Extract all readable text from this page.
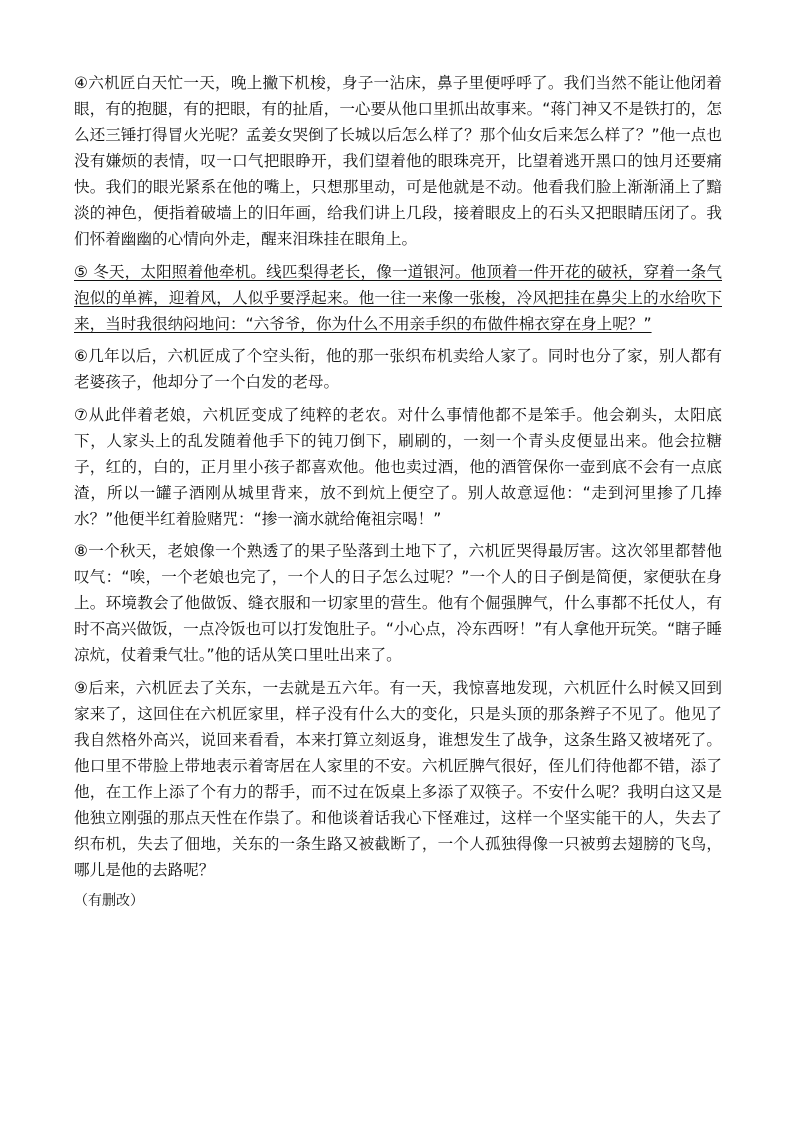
④六机匠白天忙一天，晚上撇下机梭，身子一沾床，鼻子里便呼呼了。我们当然不能让他闭着眼，有的抱腿，有的把眼，有的扯盾，一心要从他口里抓出故事来。“蒋门神又不是铁打的，怎么还三锤打得冒火光呢？孟姜女哭倒了长城以后怎么样了？那个仙女后来怎么样了？”他一点也没有嫌烦的表情，叹一口气把眼睁开，我们望着他的眼珠亮开，比望着逃开黑口的蚀月还要痛快。我们的眼光紧系在他的嘴上，只想那里动，可是他就是不动。他看我们脸上渐渐涌上了黯淡的神色，便指着破墙上的旧年画，给我们讲上几段，接着眼皮上的石头又把眼睛压闭了。我们怀着幽幽的心情向外走，醒来泪珠挂在眼角上。

⑤ 冬天，太阳照着他牵机。线匹梨得老长，像一道银河。他顶着一件开花的破袄，穿着一条气泡似的单裤，迎着风，人似乎要浮起来。他一往一来像一张梭，冷风把挂在鼻尖上的水给吹下来，当时我很纳闷地问：“六爷爷，你为什么不用亲手织的布做件棉衣穿在身上呢？”

⑥几年以后，六机匠成了个空头衔，他的那一张织布机卖给人家了。同时也分了家，别人都有老婆孩子，他却分了一个白发的老母。

⑦从此伴着老娘，六机匠变成了纯粹的老农。对什么事情他都不是笨手。他会剃头，太阳底下，人家头上的乱发随着他手下的钝刀倒下，刷刷的，一刻一个青头皮便显出来。他会拉糖子，红的，白的，正月里小孩子都喜欢他。他也卖过酒，他的酒管保你一壶到底不会有一点底渣，所以一罐子酒刚从城里背来，放不到炕上便空了。别人故意逗他：“走到河里掺了几捧水？”他便半红着脸赌咒：“掺一滴水就给俺祖宗喝！”

⑧一个秋天，老娘像一个熟透了的果子坠落到土地下了，六机匠哭得最厉害。这次邻里都替他叹气：“唉，一个老娘也完了，一个人的日子怎么过呢？”一个人的日子倒是简便，家便驮在身上。环境教会了他做饭、缝衣服和一切家里的营生。他有个倔强脾气，什么事都不托仗人，有时不高兴做饭，一点冷饭也可以打发饱肚子。“小心点，冷东西呀！”有人拿他开玩笑。“瞎子睡凉炕，仗着秉气壮。”他的话从笑口里吐出来了。

⑨后来，六机匠去了关东，一去就是五六年。有一天，我惊喜地发现，六机匠什么时候又回到家来了，这回住在六机匠家里，样子没有什么大的变化，只是头顶的那条辫子不见了。他见了我自然格外高兴，说回来看看，本来打算立刻返身，谁想发生了战争，这条生路又被堵死了。他口里不带脸上带地表示着寄居在人家里的不安。六机匠脾气很好，侄儿们待他都不错，添了他，在工作上添了个有力的帮手，而不过在饭桌上多添了双筷子。不安什么呢？我明白这又是他独立刚强的那点天性在作祟了。和他谈着话我心下怪难过，这样一个坚实能干的人，失去了织布机，失去了佃地，关东的一条生路又被截断了，一个人孤独得像一只被剪去翅膀的飞鸟，哪儿是他的去路呢？

（有删改）
